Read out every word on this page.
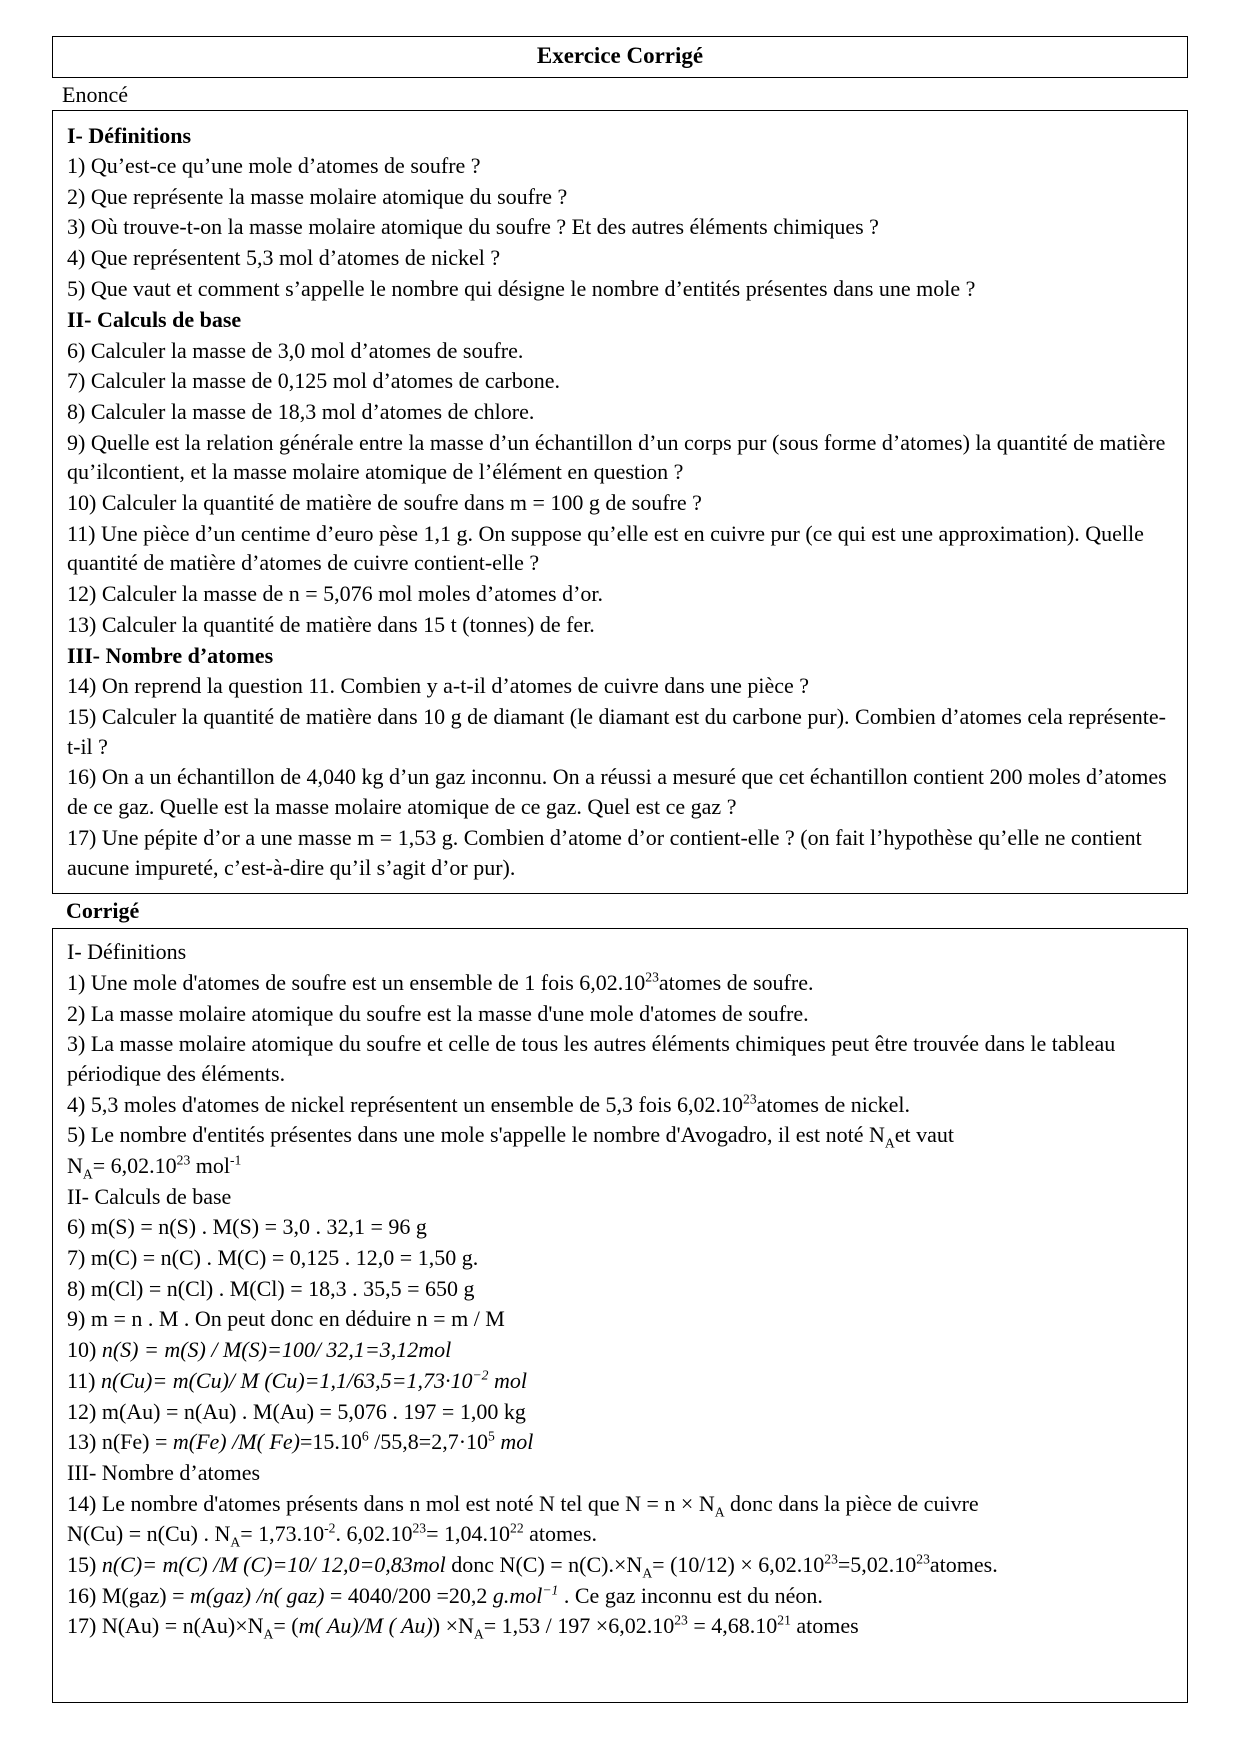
Exercice Corrigé
Enoncé
I- Définitions

1) Qu’est-ce qu’une mole d’atomes de soufre ?

2) Que représente la masse molaire atomique du soufre ?

3) Où trouve-t-on la masse molaire atomique du soufre ? Et des autres éléments chimiques ?

4) Que représentent 5,3 mol d’atomes de nickel ?

5) Que vaut et comment s’appelle le nombre qui désigne le nombre d’entités présentes dans une mole ?

II- Calculs de base

6) Calculer la masse de 3,0 mol d’atomes de soufre.

7) Calculer la masse de 0,125 mol d’atomes de carbone.

8) Calculer la masse de 18,3 mol d’atomes de chlore.

9) Quelle est la relation générale entre la masse d’un échantillon d’un corps pur (sous forme d’atomes) la quantité de matière qu’ilcontient, et la masse molaire atomique de l’élément en question ?

10) Calculer la quantité de matière de soufre dans m = 100 g de soufre ?

11) Une pièce d’un centime d’euro pèse 1,1 g. On suppose qu’elle est en cuivre pur (ce qui est une approximation). Quelle quantité de matière d’atomes de cuivre contient-elle ?

12) Calculer la masse de n = 5,076 mol moles d’atomes d’or.

13) Calculer la quantité de matière dans 15 t (tonnes) de fer.

III- Nombre d’atomes

14) On reprend la question 11. Combien y a-t-il d’atomes de cuivre dans une pièce ?

15) Calculer la quantité de matière dans 10 g de diamant (le diamant est du carbone pur). Combien d’atomes cela représente-t-il ?

16) On a un échantillon de 4,040 kg d’un gaz inconnu. On a réussi a mesuré que cet échantillon contient 200 moles d’atomes de ce gaz. Quelle est la masse molaire atomique de ce gaz. Quel est ce gaz ?

17) Une pépite d’or a une masse m = 1,53 g. Combien d’atome d’or contient-elle ? (on fait l’hypothèse qu’elle ne contient aucune impureté, c’est-à-dire qu’il s’agit d’or pur).

Corrigé

I- Définitions

1) Une mole d'atomes de soufre est un ensemble de 1 fois 6,02.10$^{23}$atomes de soufre.

2) La masse molaire atomique du soufre est la masse d'une mole d'atomes de soufre.

3) La masse molaire atomique du soufre et celle de tous les autres éléments chimiques peut être trouvée dans le tableau périodique des éléments.

4) 5,3 moles d'atomes de nickel représentent un ensemble de 5,3 fois 6,02.10$^{23}$atomes de nickel.

5) Le nombre d'entités présentes dans une mole s'appelle le nombre d'Avogadro, il est noté $N_Aet$ vaut

$N_A= 6,02.10^{23}$ mol$^{-1}$

II- Calculs de base

6) m(S) = n(S) . M(S) = 3,0 . 32,1 = 96 g

7) m(C) = n(C) . M(C) = 0,125 . 12,0 = 1,50 g.

8) m(Cl) = n(Cl) . M(Cl) = 18,3 . 35,5 = 650 g

9) m = n . M . On peut donc en déduire n = m / M

10) n(S) = m(S) / M(S)=100/ 32,1=3,12mol

11) n(Cu)= m(Cu)/ M $(Cu)=1,1/63,5=1,73\cdot 10^{-2}$ mol

12) m(Au) = n(Au) . M(Au) = 5,076 . 197 = 1,00 kg

13) n(Fe) = m(Fe) /M( $Fe)=15.10^6$ $/55,8=2,7\cdot 10^5$ mol

III- Nombre d’atomes

14) Le nombre d'atomes présents dans n mol est noté N tel que $N = n \times N_A$ donc dans la pièce de cuivre

N(Cu) = n(Cu) . $N_A= 1,73.10^{-2}$. $6,02.10^{23}= 1,04.10^{22}$ atomes.

15) n(C)= m(C) /M (C)=10/ 12,0=0,83mol donc $N(C) = n(C).\times N_A= (10/12)$ × $6,02.10^{23}=5,02.10^{23}atomes$.

16) M(gaz) = m(gaz) /n( gaz) = 4040/200 =20,2 g.mol$^{-1}$ . Ce gaz inconnu est du néon.

17) $N(Au) = n(Au)\times N_A= (m$( Au)/M ( $Au)) \times N_A= 1,53 / 197 \times 6,02.10^{23} = 4,68.10^{21}$ atomes
